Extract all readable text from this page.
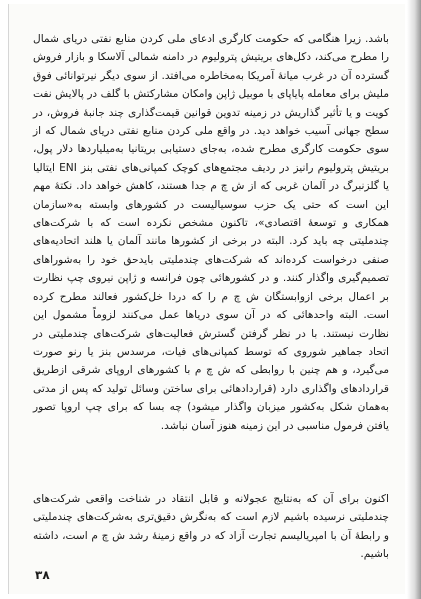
باشد. زیرا هنگامی که حکومت کارگری ادعای ملی کردن منابع نفتی دریای شمال را مطرح می‌کند، دکل‌های بریتیش پترولیوم در دامنه شمالی آلاسکا و بازار فروش گسترده آن در غرب میانهٔ آمریکا به‌مخاطره می‌افتد. از سوی دیگر نیرتوانائی فوق ملیش برای معامله پایاپای با موبیل ژاپن وامکان مشارکتش با گلف در پالایش نفت کویت و یا تأثیر گذاریش در زمینه تدوین قوانین قیمت‌گذاری چند جانبهٔ فروش، در سطح جهانی آسیب خواهد دید. در واقع ملی کردن منابع نفتی دریای شمال که از سوی حکومت کارگری مطرح شده، به‌جای دستیابی بریتانیا به‌میلیاردها دلار پول، بریتیش پترولیوم رانیز در ردیف مجتمع‌های کوچک کمپانی‌های نفتی بنز ENI ایتالیا یا گلزنبرگ در آلمان غربی که از ش چ م جدا هستند، کاهش خواهد داد. نکتهٔ مهم این است که حتی یک حزب سوسیالیست در کشورهای وابسته به«سازمان همکاری و توسعهٔ اقتصادی»، تاکنون مشخص نکرده است که با شرکت‌های چندملیتی چه باید کرد. البته در برخی از کشورها مانند آلمان یا هلند اتحادیه‌های صنفی درخواست کرده‌اند که شرکت‌های چندملیتی بایدحق خود را به‌شوراهای تصمیم‌گیری واگذار کنند. و در کشورهائی چون فرانسه و ژاپن نیروی چپ نظارت بر اعمال برخی ازوابستگان ش چ م را که دردا خل‌کشور فعالند مطرح کرده است. البته واحدهائی که در آن سوی دریاها عمل می‌کنند لزوماً مشمول این نظارت نیستند. با در نظر گرفتن گسترش فعالیت‌های شرکت‌های چندملیتی در اتحاد جماهیر شوروی که توسط کمپانی‌های فیات، مرسدس بنز یا رنو صورت می‌گیرد، و هم چنین با روابطی که ش چ م با کشورهای اروپای شرقی ازطریق قراردادهای واگذاری دارد (قراردادهائی برای ساختن وسائل تولید که پس از مدتی به‌همان شکل به‌کشور میزبان واگذار میشود) چه بسا که برای چپ اروپا تصور یافتن فرمول مناسبی در این زمینه هنوز آسان نباشد.

اکنون برای آن که به‌نتایج عجولانه و قابل انتقاد در شناخت واقعی شرکت‌های چندملیتی نرسیده باشیم لازم است که به‌نگرش دقیق‌تری به‌شرکت‌های چندملیتی و رابطهٔ آن با امپریالیسم تجارت آزاد که در واقع زمینهٔ رشد ش چ م است، داشته باشیم.

۳۸
